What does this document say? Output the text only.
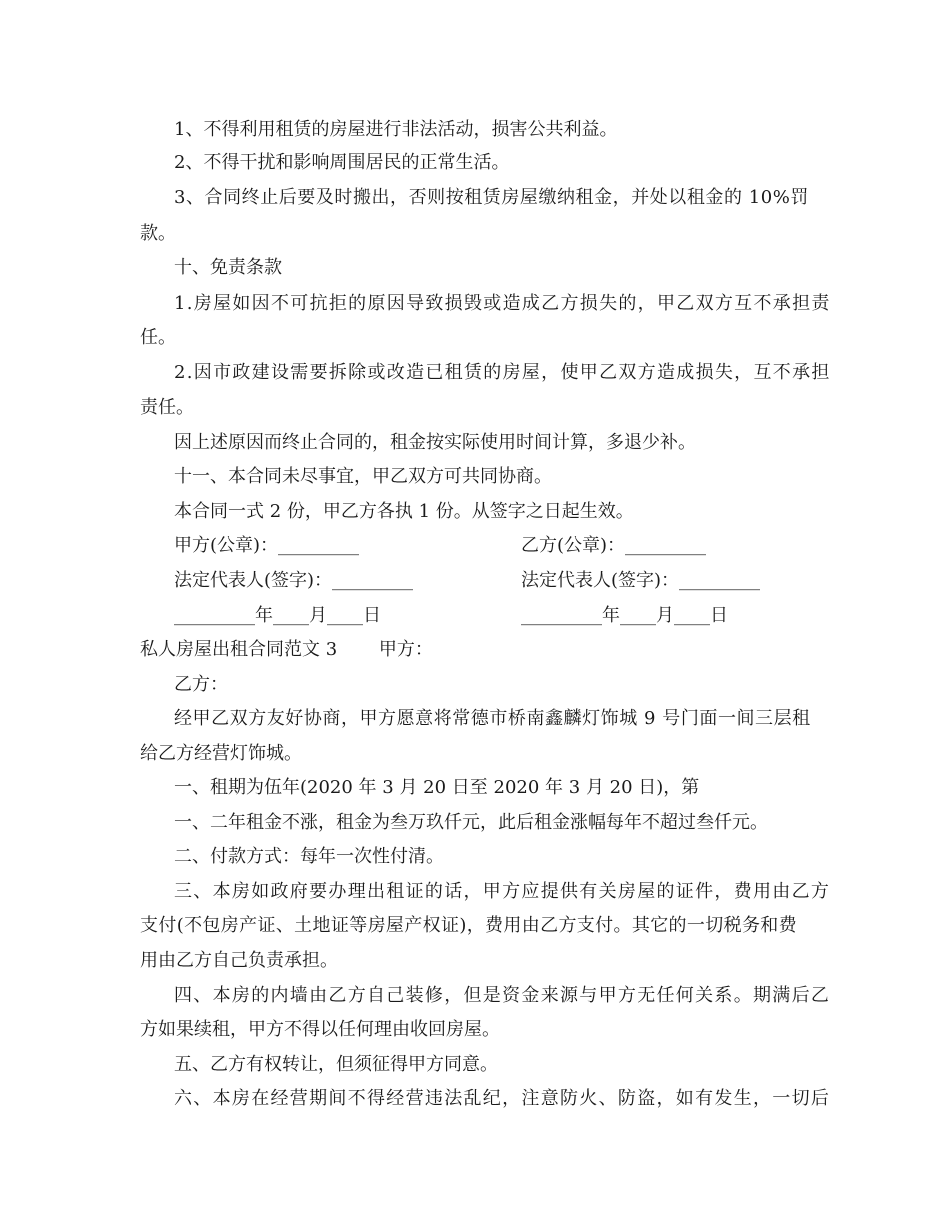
1、不得利用租赁的房屋进行非法活动，损害公共利益。
2、不得干扰和影响周围居民的正常生活。
3、合同终止后要及时搬出，否则按租赁房屋缴纳租金，并处以租金的 10%罚
款。
十、免责条款
1.房屋如因不可抗拒的原因导致损毁或造成乙方损失的，甲乙双方互不承担责
任。
2.因市政建设需要拆除或改造已租赁的房屋，使甲乙双方造成损失，互不承担
责任。
因上述原因而终止合同的，租金按实际使用时间计算，多退少补。
十一、本合同未尽事宜，甲乙双方可共同协商。
本合同一式 2 份，甲乙方各执 1 份。从签字之日起生效。
甲方(公章)：_________	乙方(公章)：_________
法定代表人(签字)：_________	法定代表人(签字)：_________
_________年____月____日	_________年____月____日
私人房屋出租合同范文 3　　 甲方：
乙方：
经甲乙双方友好协商，甲方愿意将常德市桥南鑫麟灯饰城 9 号门面一间三层租
给乙方经营灯饰城。
一、租期为伍年(2020 年 3 月 20 日至 2020 年 3 月 20 日)，第
一、二年租金不涨，租金为叁万玖仟元，此后租金涨幅每年不超过叁仟元。
二、付款方式：每年一次性付清。
三、本房如政府要办理出租证的话，甲方应提供有关房屋的证件，费用由乙方
支付(不包房产证、土地证等房屋产权证)，费用由乙方支付。其它的一切税务和费
用由乙方自己负责承担。
四、本房的内墙由乙方自己装修，但是资金来源与甲方无任何关系。期满后乙
方如果续租，甲方不得以任何理由收回房屋。
五、乙方有权转让，但须征得甲方同意。
六、本房在经营期间不得经营违法乱纪，注意防火、防盗，如有发生，一切后
